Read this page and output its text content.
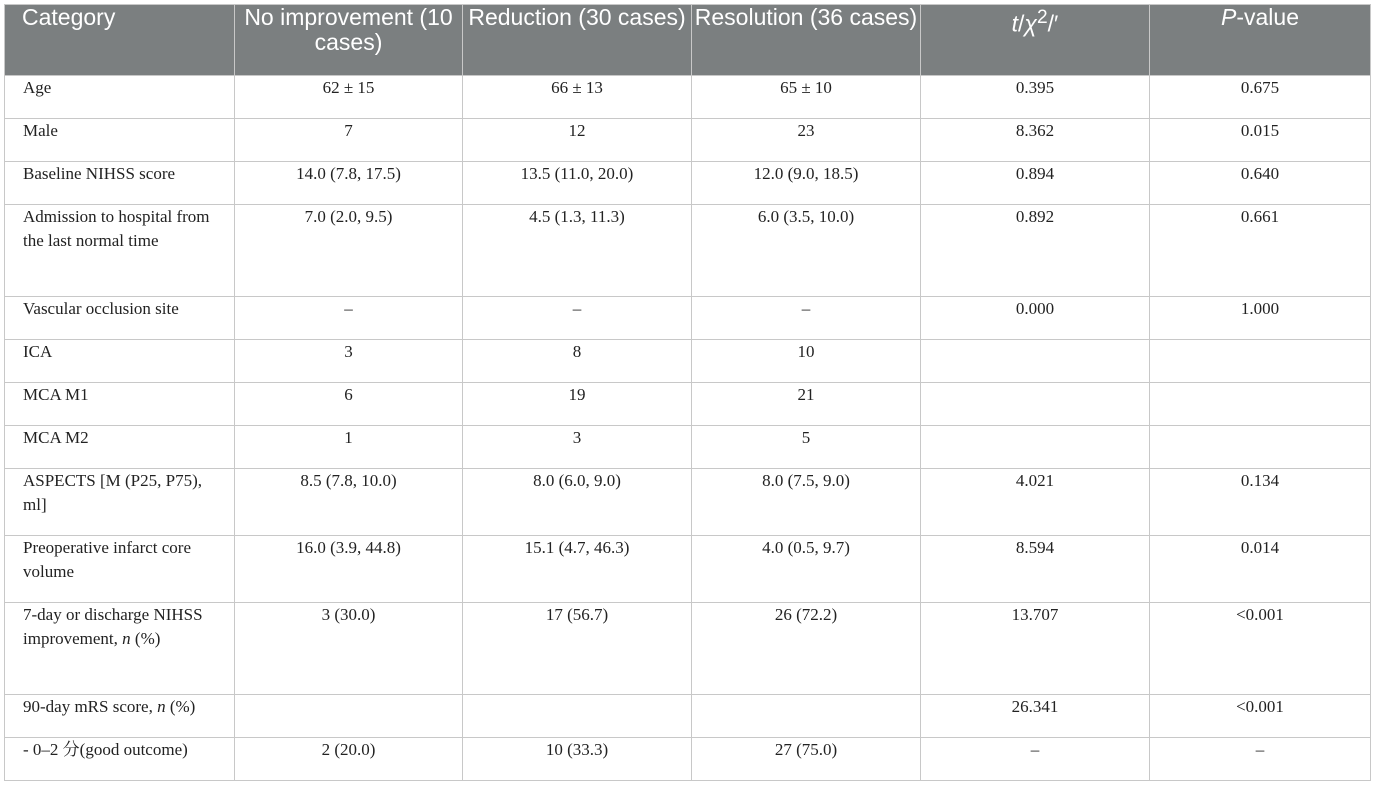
Category	No improvement (10 cases)	Reduction (30 cases)	Resolution (36 cases)	$t/\chi^2/'$	P-value
Age	62 ± 15	66 ± 13	65 ± 10	0.395	0.675
Male	7	12	23	8.362	0.015
Baseline NIHSS score	14.0 (7.8, 17.5)	13.5 (11.0, 20.0)	12.0 (9.0, 18.5)	0.894	0.640
Admission to hospital from the last normal time	7.0 (2.0, 9.5)	4.5 (1.3, 11.3)	6.0 (3.5, 10.0)	0.892	0.661
Vascular occlusion site	–	–	–	0.000	1.000
ICA	3	8	10		
MCA M1	6	19	21		
MCA M2	1	3	5		
ASPECTS [M (P25, P75), ml]	8.5 (7.8, 10.0)	8.0 (6.0, 9.0)	8.0 (7.5, 9.0)	4.021	0.134
Preoperative infarct core volume	16.0 (3.9, 44.8)	15.1 (4.7, 46.3)	4.0 (0.5, 9.7)	8.594	0.014
7-day or discharge NIHSS improvement, n (%)	3 (30.0)	17 (56.7)	26 (72.2)	13.707	<0.001
90-day mRS score, n (%)				26.341	<0.001
- 0–2 分(good outcome)	2 (20.0)	10 (33.3)	27 (75.0)	–	–
